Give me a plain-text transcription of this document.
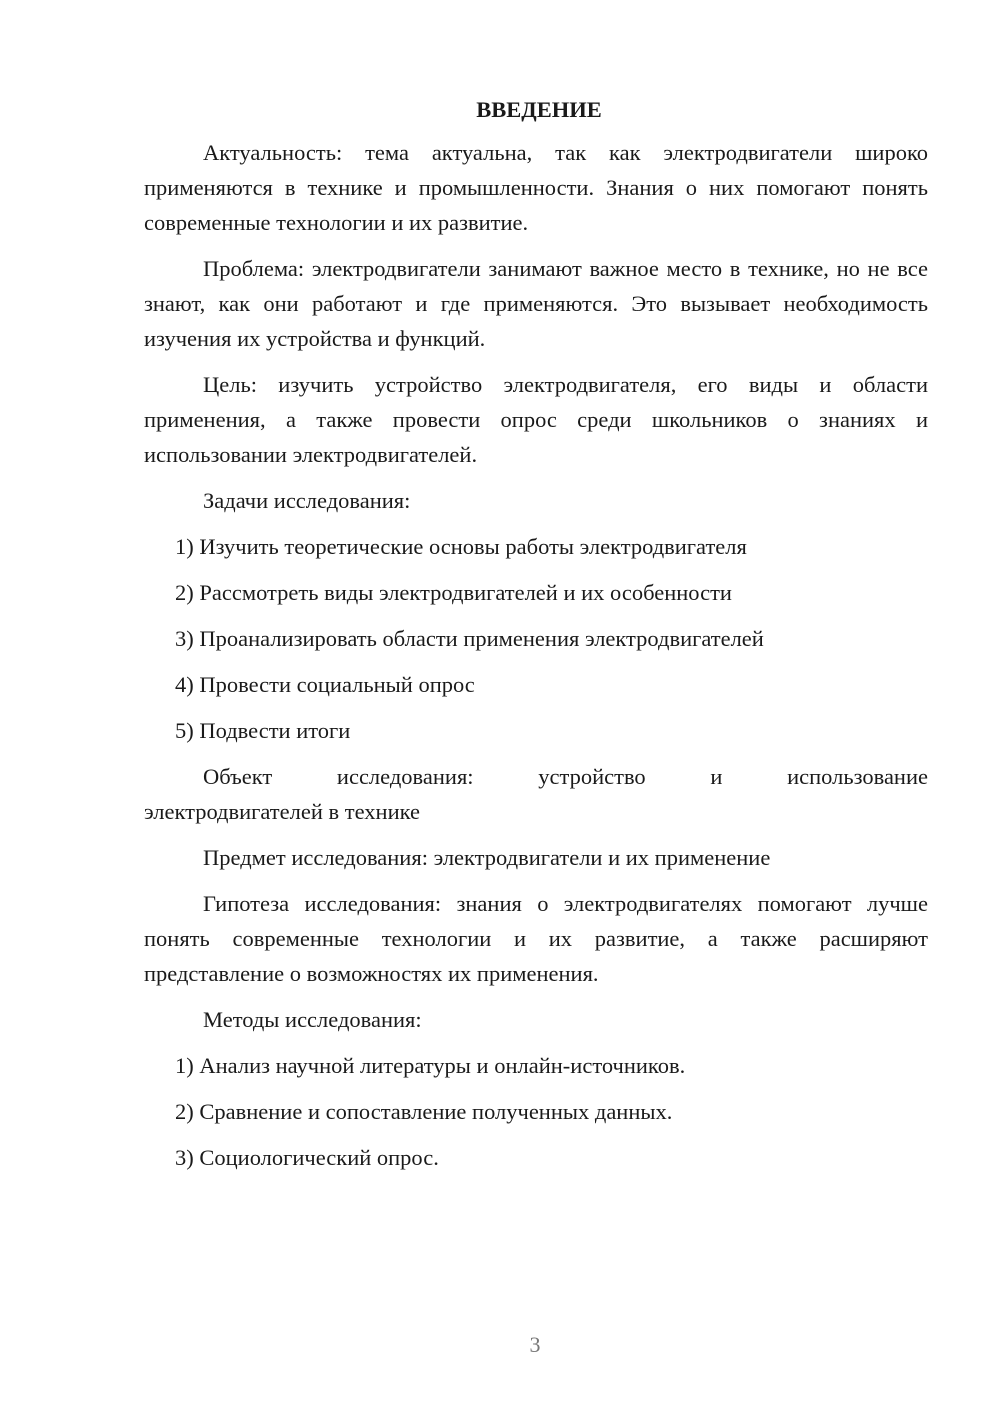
ВВЕДЕНИЕ

Актуальность: тема актуальна, так как электродвигатели широко применяются в технике и промышленности. Знания о них помогают понять современные технологии и их развитие.

Проблема: электродвигатели занимают важное место в технике, но не все знают, как они работают и где применяются. Это вызывает необходимость изучения их устройства и функций.

Цель: изучить устройство электродвигателя, его виды и области применения, а также провести опрос среди школьников о знаниях и использовании электродвигателей.

Задачи исследования:

1) Изучить теоретические основы работы электродвигателя

2) Рассмотреть виды электродвигателей и их особенности

3) Проанализировать области применения электродвигателей

4) Провести социальный опрос

5) Подвести итоги

Объект исследования: устройство и использование

электродвигателей в технике

Предмет исследования: электродвигатели и их применение

Гипотеза исследования: знания о электродвигателях помогают лучше понять современные технологии и их развитие, а также расширяют представление о возможностях их применения.

Методы исследования:

1) Анализ научной литературы и онлайн-источников.

2) Сравнение и сопоставление полученных данных.

3) Социологический опрос.

3
